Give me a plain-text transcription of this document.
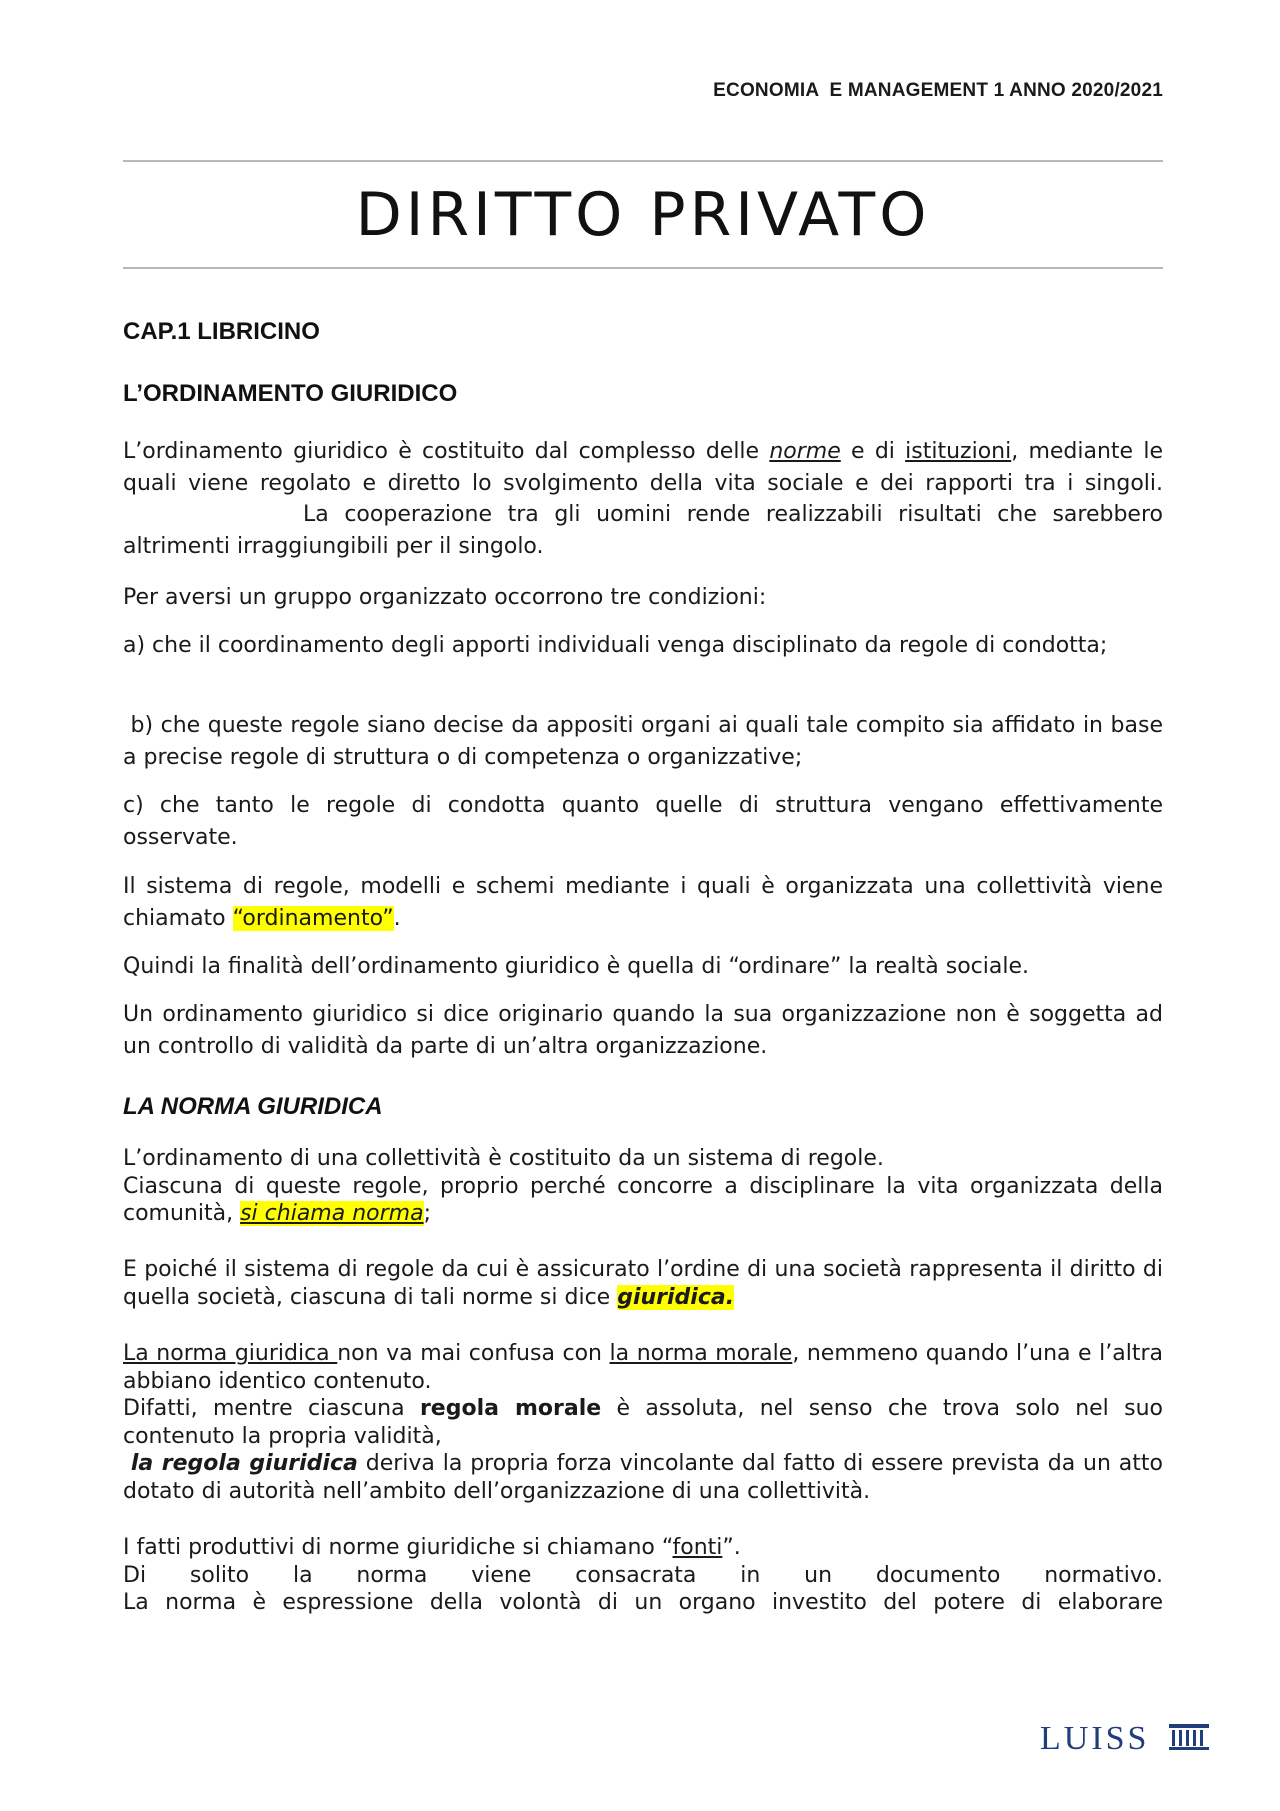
ECONOMIA  E MANAGEMENT 1 ANNO 2020/2021
DIRITTO PRIVATO
CAP.1 LIBRICINO
L’ORDINAMENTO GIURIDICO

L’ordinamento giuridico è costituito dal complesso delle norme e di istituzioni, mediante le quali viene regolato e diretto lo svolgimento della vita sociale e dei rapporti tra i singoli.La cooperazione tra gli uomini rende realizzabili risultati che sarebbero altrimenti irraggiungibili per il singolo.

Per aversi un gruppo organizzato occorrono tre condizioni:

a) che il coordinamento degli apporti individuali venga disciplinato da regole di condotta;

b) che queste regole siano decise da appositi organi ai quali tale compito sia affidato in base a precise regole di struttura o di competenza o organizzative;

c) che tanto le regole di condotta quanto quelle di struttura vengano effettivamente osservate.

Il sistema di regole, modelli e schemi mediante i quali è organizzata una collettività viene chiamato “ordinamento”.

Quindi la finalità dell’ordinamento giuridico è quella di “ordinare” la realtà sociale.

Un ordinamento giuridico si dice originario quando la sua organizzazione non è soggetta ad un controllo di validità da parte di un’altra organizzazione.

LA NORMA GIURIDICA
L’ordinamento di una collettività è costituito da un sistema di regole.
Ciascuna di queste regole, proprio perché concorre a disciplinare la vita organizzata della comunità, si chiama norma;

E poiché il sistema di regole da cui è assicurato l’ordine di una società rappresenta il diritto di quella società, ciascuna di tali norme si dice giuridica.

La norma giuridica non va mai confusa con la norma morale, nemmeno quando l’una e l’altra abbiano identico contenuto.
Difatti, mentre ciascuna regola morale è assoluta, nel senso che trova solo nel suo contenuto la propria validità,
la regola giuridica deriva la propria forza vincolante dal fatto di essere prevista da un atto dotato di autorità nell’ambito dell’organizzazione di una collettività.
I fatti produttivi di norme giuridiche si chiamano “fonti”.
Di solito la norma viene consacrata in un documento normativo.
La norma è espressione della volontà di un organo investito del potere di elaborare
LUISS
